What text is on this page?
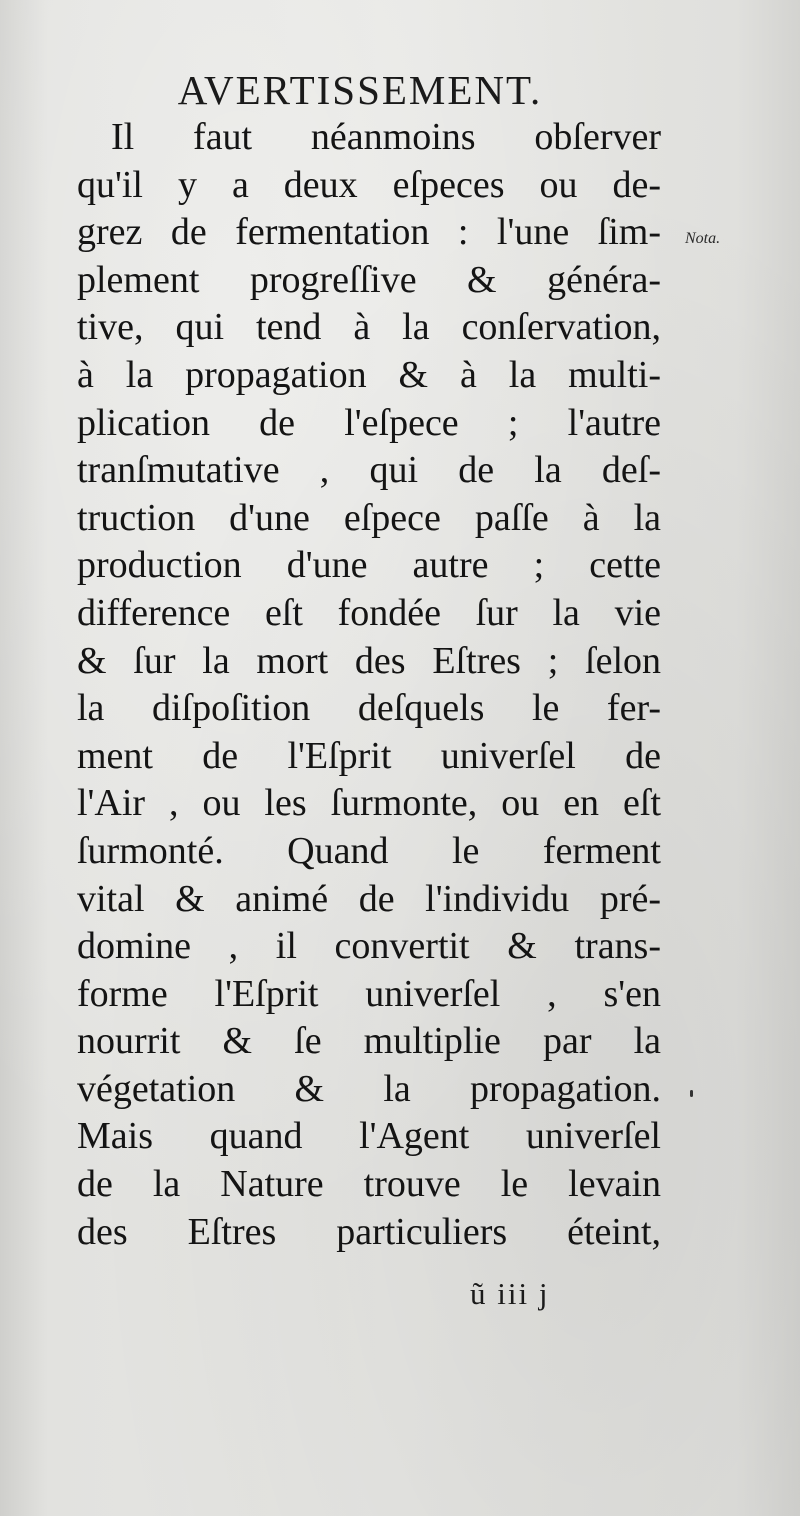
AVERTISSEMENT.
Il faut néanmoins obſerver
qu'il y a deux eſpeces ou de-
grez de fermentation : l'une ſim-
plement progreſſive & généra-
tive, qui tend à la conſervation,
à la propagation & à la multi-
plication de l'eſpece ; l'autre
tranſmutative , qui de la deſ-
truction d'une eſpece paſſe à la
production d'une autre ; cette
difference eſt fondée ſur la vie
& ſur la mort des Eſtres ; ſelon
la diſpoſition deſquels le fer-
ment de l'Eſprit univerſel de
l'Air , ou les ſurmonte, ou en eſt
ſurmonté. Quand le ferment
vital & animé de l'individu pré-
domine , il convertit & trans-
forme l'Eſprit univerſel , s'en
nourrit & ſe multiplie par la
végetation & la propagation.
Mais quand l'Agent univerſel
de la Nature trouve le levain
des Eſtres particuliers éteint,
Nota.
ũ iii j
